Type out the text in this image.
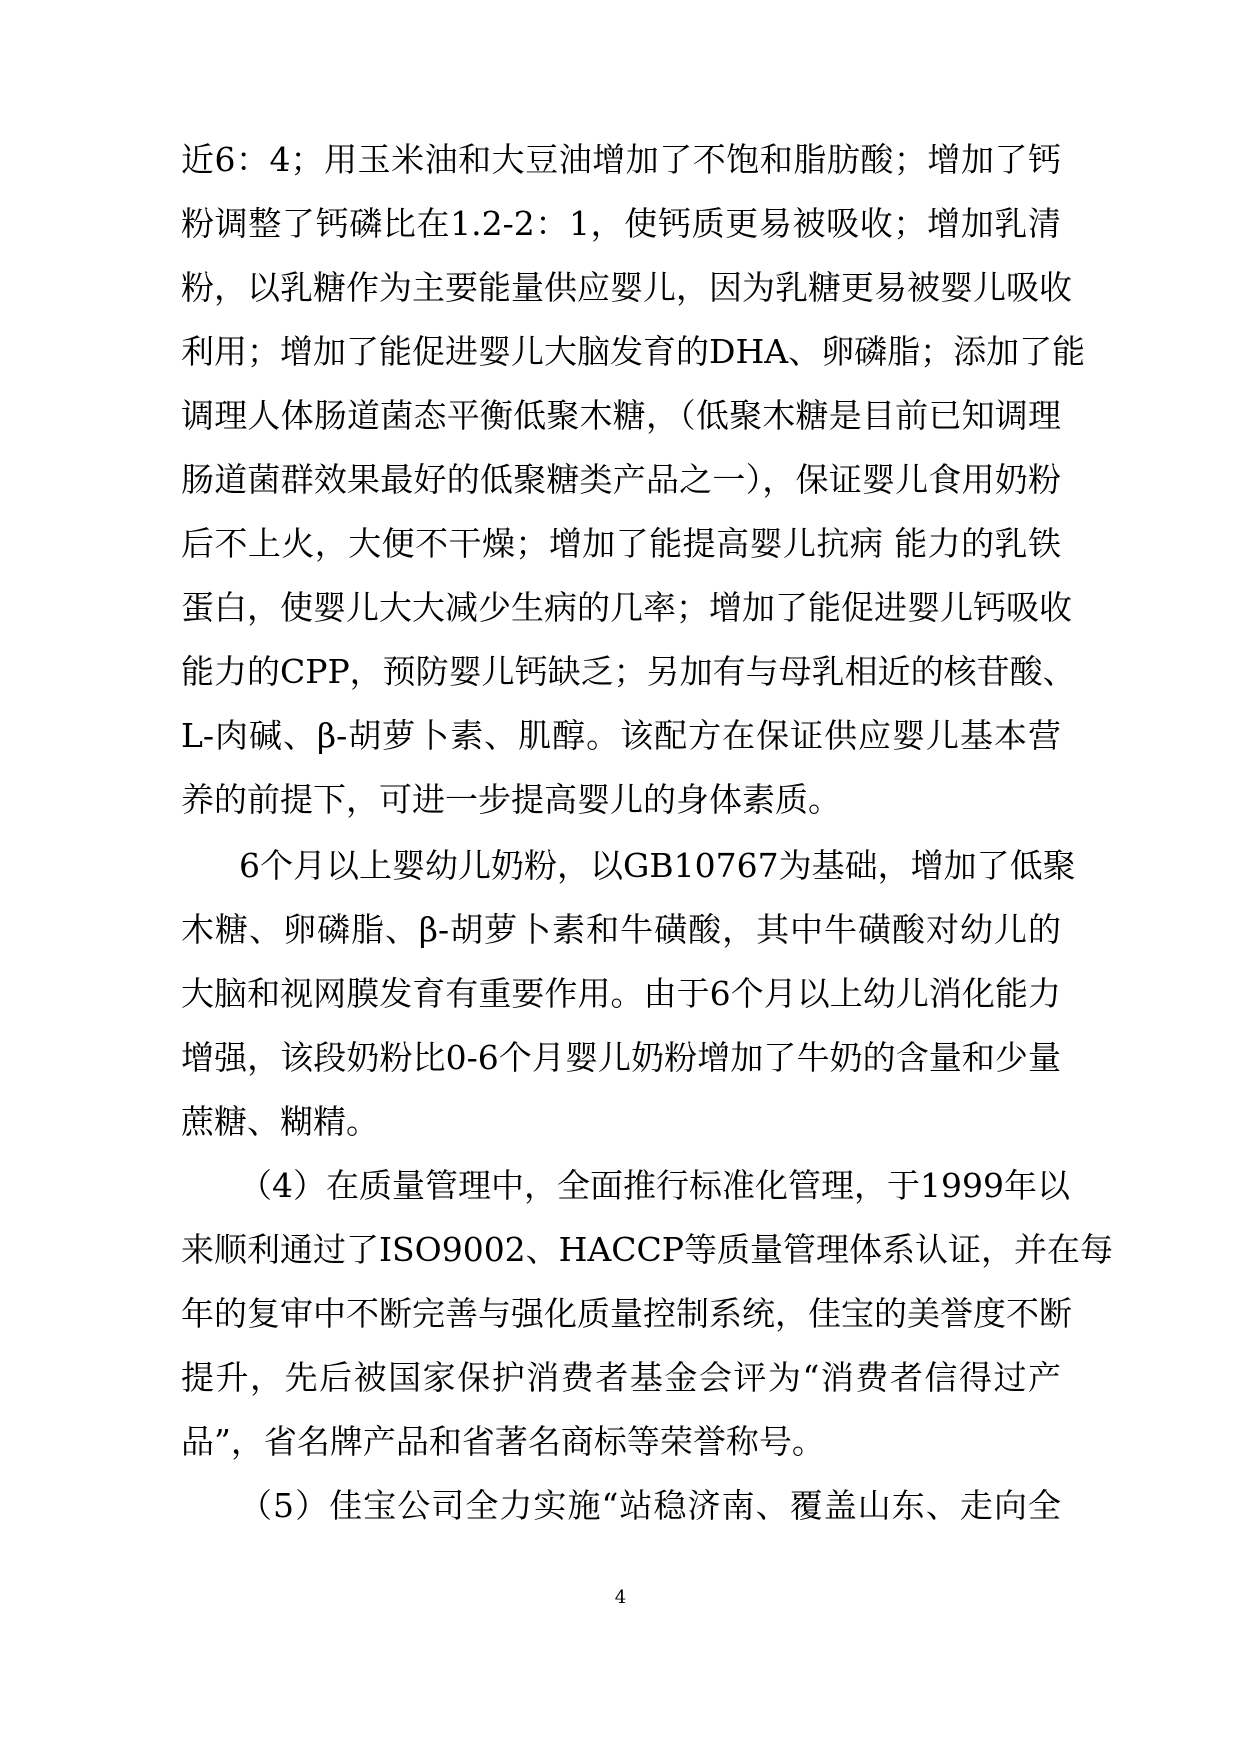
近6：4；用玉米油和大豆油增加了不饱和脂肪酸；增加了钙
粉调整了钙磷比在1.2-2：1，使钙质更易被吸收；增加乳清
粉，以乳糖作为主要能量供应婴儿，因为乳糖更易被婴儿吸收
利用；增加了能促进婴儿大脑发育的DHA、卵磷脂；添加了能
调理人体肠道菌态平衡低聚木糖，（低聚木糖是目前已知调理
肠道菌群效果最好的低聚糖类产品之一），保证婴儿食用奶粉
后不上火，大便不干燥；增加了能提高婴儿抗病 能力的乳铁
蛋白，使婴儿大大减少生病的几率；增加了能促进婴儿钙吸收
能力的CPP，预防婴儿钙缺乏；另加有与母乳相近的核苷酸、
L-肉碱、β-胡萝卜素、肌醇。该配方在保证供应婴儿基本营
养的前提下，可进一步提高婴儿的身体素质。
6个月以上婴幼儿奶粉，以GB10767为基础，增加了低聚
木糖、卵磷脂、β-胡萝卜素和牛磺酸，其中牛磺酸对幼儿的
大脑和视网膜发育有重要作用。由于6个月以上幼儿消化能力
增强，该段奶粉比0-6个月婴儿奶粉增加了牛奶的含量和少量
蔗糖、糊精。
（4）在质量管理中，全面推行标准化管理，于1999年以
来顺利通过了ISO9002、HACCP等质量管理体系认证，并在每
年的复审中不断完善与强化质量控制系统，佳宝的美誉度不断
提升，先后被国家保护消费者基金会评为“消费者信得过产
品”，省名牌产品和省著名商标等荣誉称号。
（5）佳宝公司全力实施“站稳济南、覆盖山东、走向全
4
